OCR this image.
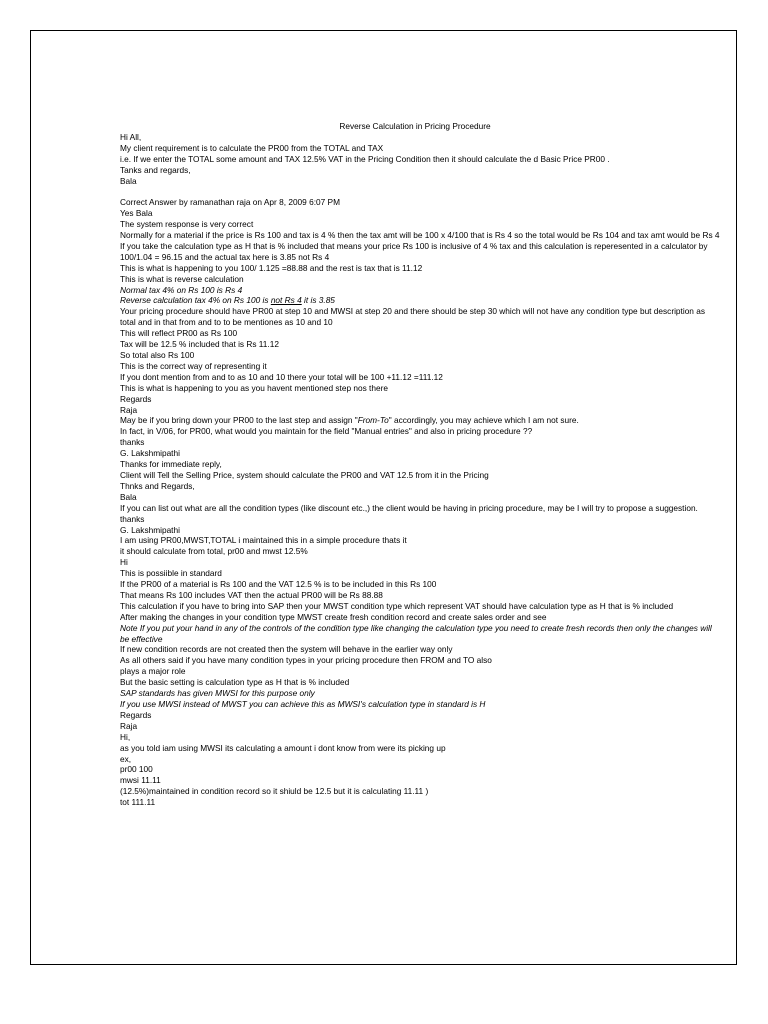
Reverse Calculation in Pricing Procedure
Hi All,
My client requirement is to calculate the PR00 from the TOTAL and TAX
i.e. If we enter the TOTAL some amount and TAX 12.5% VAT in the Pricing Condition then it should calculate the d Basic Price PR00 .
Tanks and regards,
Bala
Correct Answer by ramanathan raja on Apr 8, 2009 6:07 PM
Yes Bala
The system response is very correct
Normally for a material if the price is Rs 100 and tax is 4 % then the tax amt will be 100 x 4/100 that is Rs 4 so the total would be Rs 104 and tax amt would be Rs 4
If you take the calculation type as H that is % included that means your price Rs 100 is inclusive of 4 % tax and this calculation is reperesented in a calculator by 100/1.04 = 96.15 and the actual tax here is 3.85 not Rs 4
This is what is happening to you 100/ 1.125 =88.88 and the rest is tax that is 11.12
This is what is reverse calculation
Normal tax 4% on Rs 100 is Rs 4
Reverse calculation tax 4% on Rs 100 is not Rs 4 it is 3.85
Your pricing procedure should have PR00 at step 10 and MWSI at step 20 and there should be step 30 which will not have any condition type but description as total and in that from and to to be mentiones as 10 and 10
This will reflect PR00 as Rs 100
Tax will be 12.5 % included that is Rs 11.12
So total also Rs 100
This is the correct way of representing it
If you dont mention from and to as 10 and 10 there your total will be 100 +11.12 =111.12
This is what is happening to you as you havent mentioned step nos there
Regards
Raja
May be if you bring down your PR00 to the last step and assign "From-To" accordingly, you may achieve which I am not sure.
In fact, in V/06, for PR00, what would you maintain for the field "Manual entries" and also in pricing procedure ??
thanks
G. Lakshmipathi
Thanks for immediate reply,
Client will Tell the Selling Price, system should calculate the PR00 and VAT 12.5 from it in the Pricing
Thnks and Regards,
Bala
If you can list out what are all the condition types (like discount etc.,) the client would be having in pricing procedure, may be I will try to propose a suggestion.
thanks
G. Lakshmipathi
I am using PR00,MWST,TOTAL i maintained this in a simple procedure thats it
it should calculate from total, pr00 and mwst 12.5%
Hi
This is possiible in standard
If the PR00 of a material is Rs 100 and the VAT 12.5 % is to be included in this Rs 100
That means Rs 100 includes VAT then the actual PR00 will be Rs 88.88
This calculation if you have to bring into SAP then your MWST condition type which represent VAT should have calculation type as H that is % included
After making the changes in your condition type MWST create fresh condition record and create sales order and see
Note If you put your hand in any of the controls of the condition type like changing the calculation type you need to create fresh records then only the changes will be effective
If new condition records are not created then the system will behave in the earlier way only
As all others said if you have many condition types in your pricing procedure then FROM and TO also
plays a major role
But the basic setting is calculation type as H that is % included
SAP standards has given MWSI for this purpose only
If you use MWSI instead of MWST you can achieve this as MWSI's calculation type in standard is H
Regards
Raja
Hi,
as you told iam using MWSI its calculating a amount i dont know from were its picking up
ex,
pr00 100
mwsi 11.11
(12.5%)maintained in condition record so it shiuld be 12.5 but it is calculating 11.11 )
tot 111.11
